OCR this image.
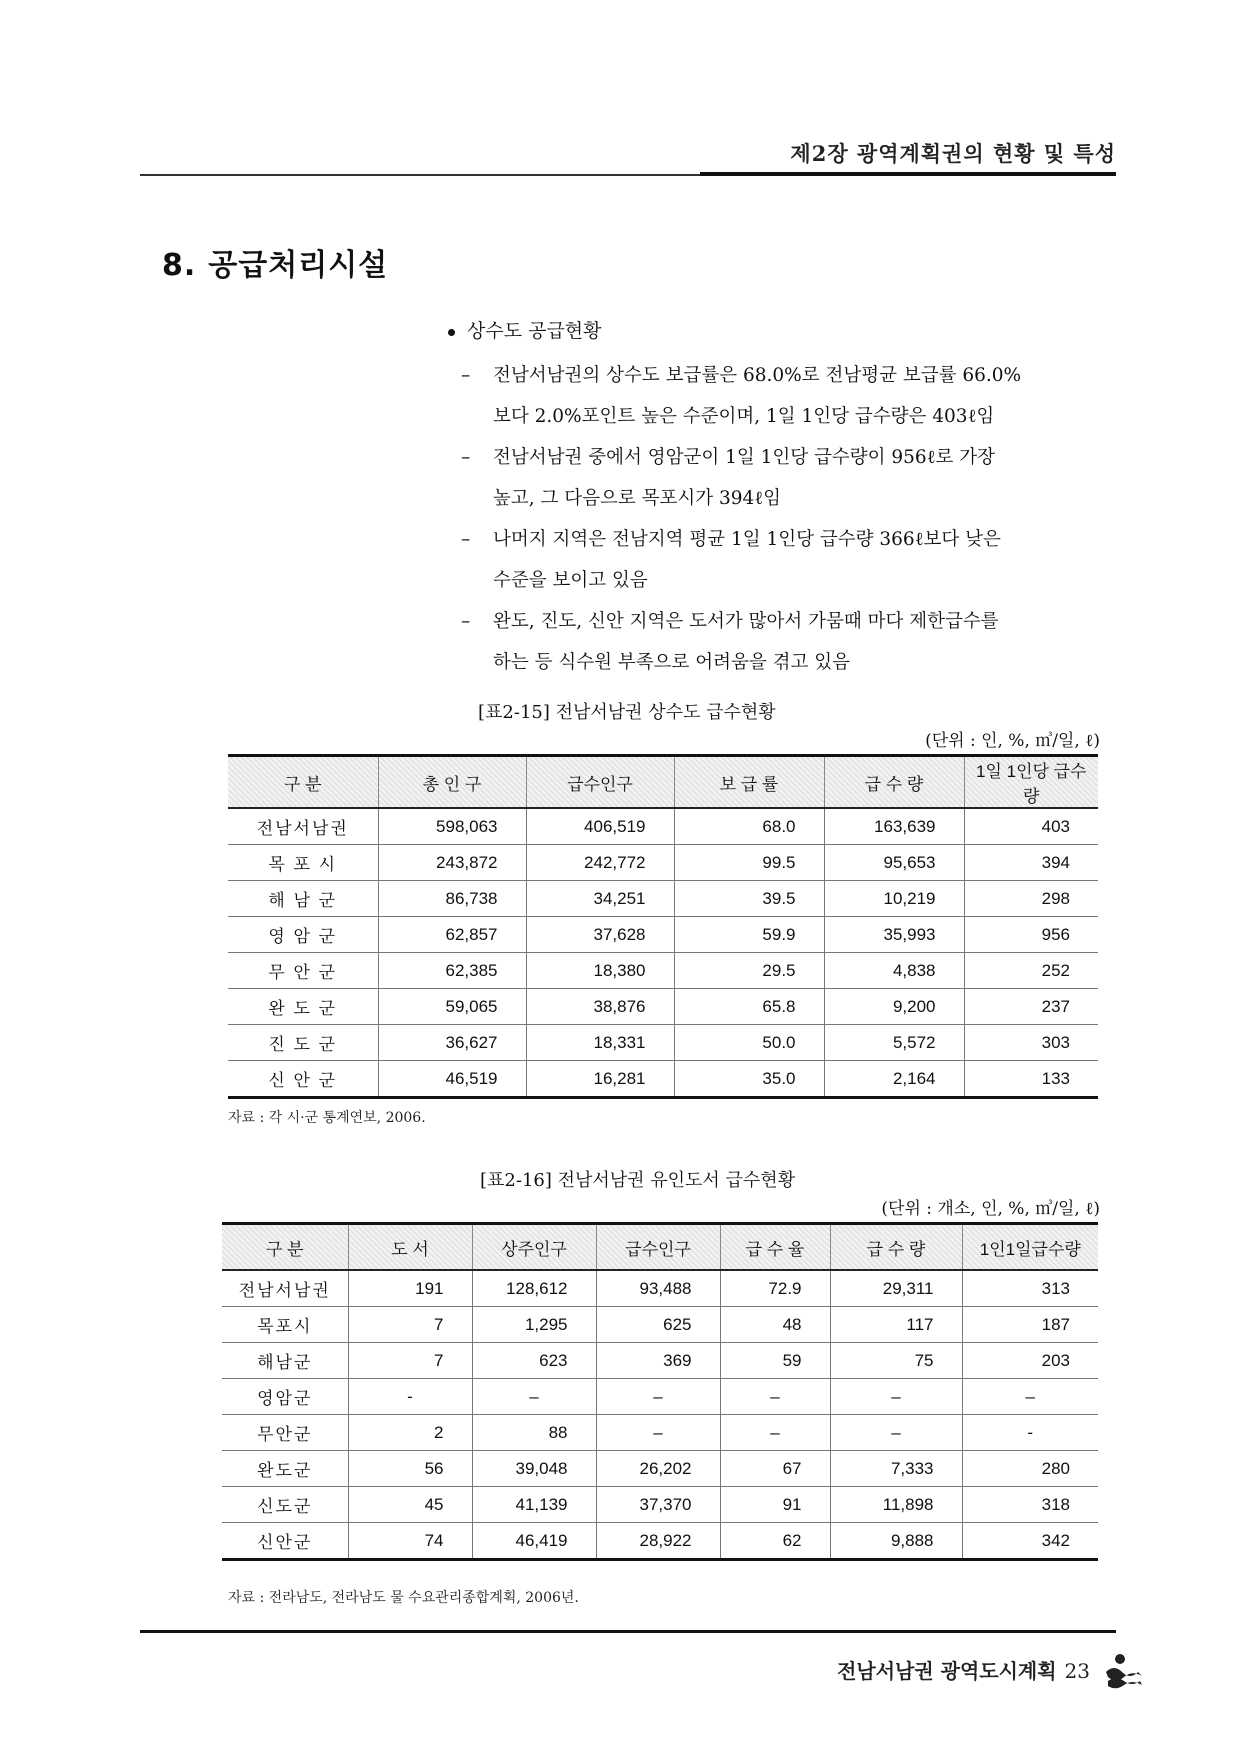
제2장 광역계획권의 현황 및 특성
8. 공급처리시설
상수도 공급현황
– 전남서남권의 상수도 보급률은 68.0%로 전남평균 보급률 66.0%
보다 2.0%포인트 높은 수준이며, 1일 1인당 급수량은 403ℓ임
– 전남서남권 중에서 영암군이 1일 1인당 급수량이 956ℓ로 가장
높고, 그 다음으로 목포시가 394ℓ임
– 나머지 지역은 전남지역 평균 1일 1인당 급수량 366ℓ보다 낮은
수준을 보이고 있음
– 완도, 진도, 신안 지역은 도서가 많아서 가뭄때 마다 제한급수를
하는 등 식수원 부족으로 어려움을 겪고 있음
[표2-15] 전남서남권 상수도 급수현황
(단위 : 인, %, ㎥/일, ℓ)
구 분	총 인 구	급수인구	보 급 률	급 수 량	1일 1인당 급수량
전남서남권	598,063	406,519	68.0	163,639	403
목 포 시	243,872	242,772	99.5	95,653	394
해 남 군	86,738	34,251	39.5	10,219	298
영 암 군	62,857	37,628	59.9	35,993	956
무 안 군	62,385	18,380	29.5	4,838	252
완 도 군	59,065	38,876	65.8	9,200	237
진 도 군	36,627	18,331	50.0	5,572	303
신 안 군	46,519	16,281	35.0	2,164	133
자료 : 각 시·군 통계연보, 2006.
[표2-16] 전남서남권 유인도서 급수현황
(단위 : 개소, 인, %, ㎥/일, ℓ)
구 분	도 서	상주인구	급수인구	급 수 율	급 수 량	1인1일급수량
전남서남권	191	128,612	93,488	72.9	29,311	313
목포시	7	1,295	625	48	117	187
해남군	7	623	369	59	75	203
영암군	-	–	–	–	–	–
무안군	2	88	–	–	–	-
완도군	56	39,048	26,202	67	7,333	280
신도군	45	41,139	37,370	91	11,898	318
신안군	74	46,419	28,922	62	9,888	342
자료 : 전라남도, 전라남도 물 수요관리종합계획, 2006년.
전남서남권 광역도시계획 23
